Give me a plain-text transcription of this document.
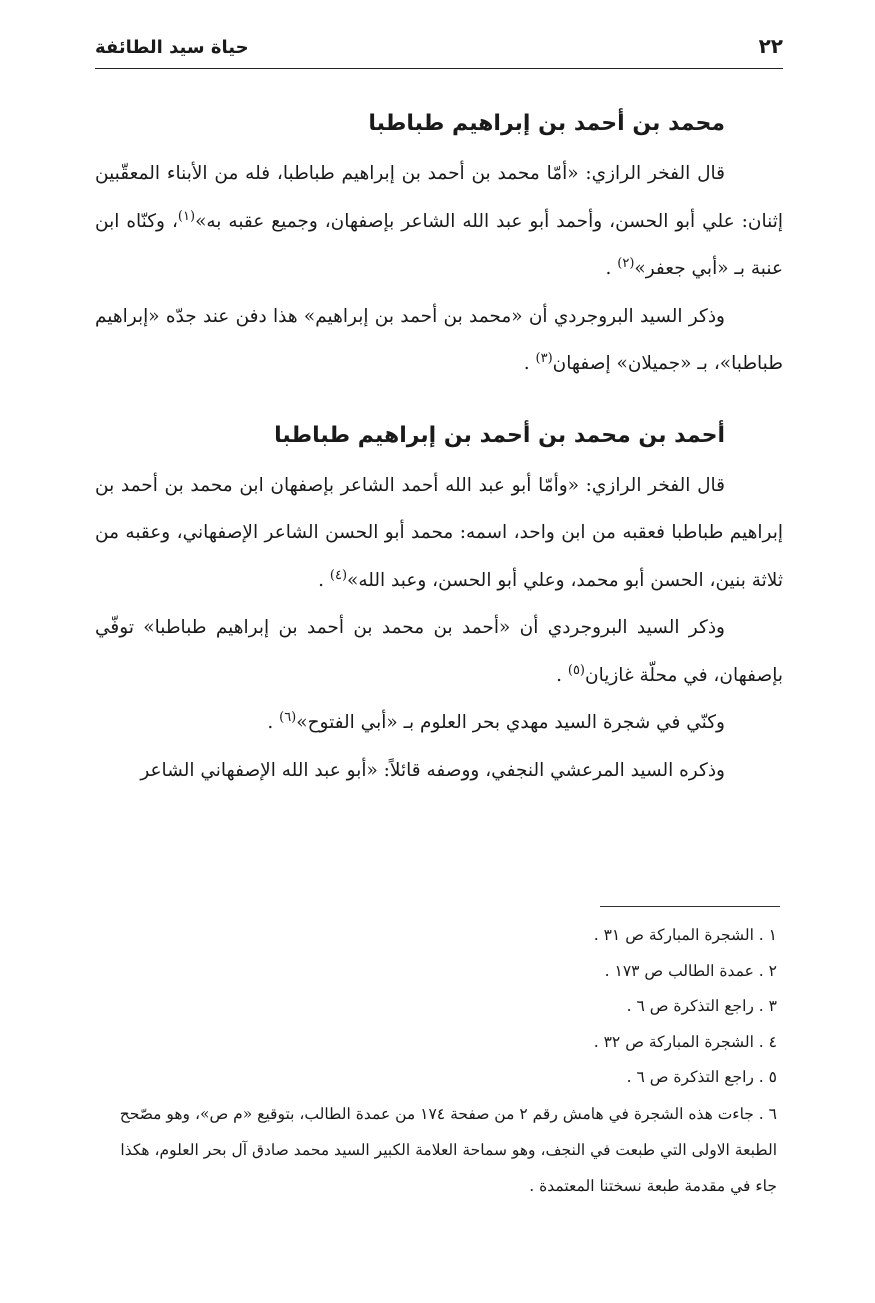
٢٢
حياة سيد الطائفة
محمد بن أحمد بن إبراهيم طباطبا

قال الفخر الرازي: «أمّا محمد بن أحمد بن إبراهيم طباطبا، فله من الأبناء المعقّبين إثنان: علي أبو الحسن، وأحمد أبو عبد الله الشاعر بإصفهان، وجميع عقبه به»$^{(١)}$، وكنّاه ابن عنبة بـ «أبي جعفر»$^{(٢)}$ .

وذكر السيد البروجردي أن «محمد بن أحمد بن إبراهيم» هذا دفن عند جدّه «إبراهيم طباطبا»، بـ «جميلان» إصفهان$^{(٣)}$ .

أحمد بن محمد بن أحمد بن إبراهيم طباطبا

قال الفخر الرازي: «وأمّا أبو عبد الله أحمد الشاعر بإصفهان ابن محمد بن أحمد بن إبراهيم طباطبا فعقبه من ابن واحد، اسمه: محمد أبو الحسن الشاعر الإصفهاني، وعقبه من ثلاثة بنين، الحسن أبو محمد، وعلي أبو الحسن، وعبد الله»$^{(٤)}$ .

وذكر السيد البروجردي أن «أحمد بن محمد بن أحمد بن إبراهيم طباطبا» توفّي بإصفهان، في محلّة غازيان$^{(٥)}$ .

وكنّي في شجرة السيد مهدي بحر العلوم بـ «أبي الفتوح»$^{(٦)}$ .

وذكره السيد المرعشي النجفي، ووصفه قائلاً: «أبو عبد الله الإصفهاني الشاعر

١ . الشجرة المباركة ص ٣١ .

٢ . عمدة الطالب ص ١٧٣ .

٣ . راجع التذكرة ص ٦ .

٤ . الشجرة المباركة ص ٣٢ .

٥ . راجع التذكرة ص ٦ .

٦ . جاءت هذه الشجرة في هامش رقم ٢ من صفحة ١٧٤ من عمدة الطالب، بتوقيع «م ص»، وهو مصّحح الطبعة الاولى التي طبعت في النجف، وهو سماحة العلامة الكبير السيد محمد صادق آل بحر العلوم، هكذا جاء في مقدمة طبعة نسختنا المعتمدة .
